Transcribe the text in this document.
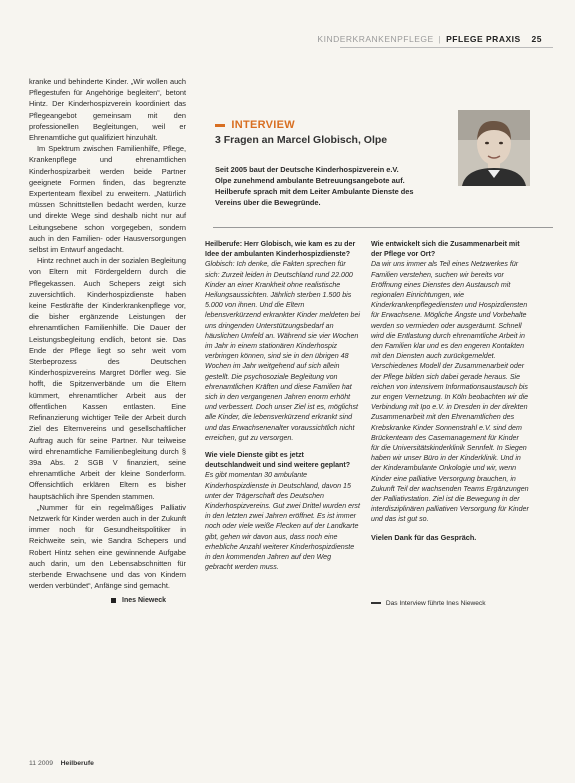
KINDERKRANKENPFLEGE | PFLEGE PRAXIS 25

kranke und behinderte Kinder. „Wir wollen auch Pflegestufen für Angehörige begleiten“, betont Hintz. Der Kinderhospizverein koordiniert das Pflegeangebot gemeinsam mit den professionellen Begleitungen, weil er Ehrenamtliche gut qualifiziert hinzuhält.

Im Spektrum zwischen Familienhilfe, Pflege, Krankenpflege und ehrenamtlichen Kinderhospizarbeit werden beide Partner geeignete Formen finden, das begrenzte Expertenteam flexibel zu erweitern. „Natürlich müssen Schnittstellen bedacht werden, kurze und direkte Wege sind deshalb nicht nur auf Leitungsebene schon vorgegeben, sondern auch in den Familien- oder Hausversorgungen selbst im Entwurf angedacht.

Hintz rechnet auch in der sozialen Begleitung von Eltern mit Fördergeldern durch die Pflegekassen. Auch Schepers zeigt sich zuversichtlich. Kinderhospizdienste haben keine Festkräfte der Kinderkrankenpflege vor, die bisher ergänzende Leistungen der ehrenamtlichen Familienhilfe. Die Dauer der Leistungsbegleitung endlich, betont sie. Das Ende der Pflege liegt so sehr weit vom Sterbeprozess des Deutschen Kinderhospizvereins Margret Dörfler weg. Sie hofft, die Spitzenverbände um die Eltern kümmert, ehrenamtlicher Arbeit aus der öffentlichen Kassen entlasten. Eine Refinanzierung wichtiger Teile der Arbeit durch Ziel des Elternvereins und gesellschaftlicher Auftrag auch für seine Partner. Nur teilweise wird ehrenamtliche Familienbegleitung durch § 39a Abs. 2 SGB V finanziert, seine ehrenamtliche Arbeit der kleine Sonderform. Offensichtlich erklären Eltern es bisher hauptsächlich ihre Spenden stammen.

„Nummer für ein regelmäßiges Palliativ Netzwerk für Kinder werden auch in der Zukunft immer noch für Gesundheitspolitiker in Reichweite sein, wie Sandra Schepers und Robert Hintz sehen eine gewinnende Aufgabe auch darin, um den Lebensabschnitten für sterbende Erwachsene und das von Kindern werden verbündet“, Anfänge sind gemacht.

Ines Nieweck
INTERVIEW
3 Fragen an Marcel Globisch, Olpe
Seit 2005 baut der Deutsche Kinderhospizverein e.V. Olpe zunehmend ambulante Betreuungsangebote auf. Heilberufe sprach mit dem Leiter Ambulante Dienste des Vereins über die Bewegründe.

Heilberufe: Herr Globisch, wie kam es zu der Idee der ambulanten Kinderhospizdienste?

Globisch: Ich denke, die Fakten sprechen für sich: Zurzeit leiden in Deutschland rund 22.000 Kinder an einer Krankheit ohne realistische Heilungsaussichten. Jährlich sterben 1.500 bis 5.000 von ihnen. Und die Eltern lebensverkürzend erkrankter Kinder meldeten bei uns dringenden Unterstützungsbedarf an häuslichen Umfeld an. Während sie vier Wochen im Jahr in einem stationären Kinderhospiz verbringen können, sind sie in den übrigen 48 Wochen im Jahr weitgehend auf sich allein gestellt. Die psychosoziale Begleitung von ehrenamtlichen Kräften und diese Familien hat sich in den vergangenen Jahren enorm erhöht und verbessert. Doch unser Ziel ist es, möglichst alle Kinder, die lebensverkürzend erkrankt sind und das Erwachsenenalter voraussichtlich nicht erreichen, gut zu versorgen.

Wie viele Dienste gibt es jetzt deutschlandweit und sind weitere geplant?

Es gibt momentan 30 ambulante Kinderhospizdienste in Deutschland, davon 15 unter der Trägerschaft des Deutschen Kinderhospizvereins. Gut zwei Drittel wurden erst in den letzten zwei Jahren eröffnet. Es ist immer noch oder viele weiße Flecken auf der Landkarte gibt, gehen wir davon aus, dass noch eine erhebliche Anzahl weiterer Kinderhospizdienste in den kommenden Jahren auf den Weg gebracht werden muss.

Wie entwickelt sich die Zusammenarbeit mit der Pflege vor Ort?

Da wir uns immer als Teil eines Netzwerkes für Familien verstehen, suchen wir bereits vor Eröffnung eines Dienstes den Austausch mit regionalen Einrichtungen, wie Kinderkrankenpflegediensten und Hospizdiensten für Erwachsene. Mögliche Ängste und Vorbehalte werden so vermieden oder ausgeräumt. Schnell wird die Entlastung durch ehrenamtliche Arbeit in den Familien klar und es den engeren Kontakten mit den Diensten auch zurückgemeldet. Verschiedenes Modell der Zusammenarbeit oder der Pflege bilden sich dabei gerade heraus. Sie reichen von intensivem Informationsaustausch bis zur engen Vernetzung. In Köln beobachten wir die Verbindung mit Ipo e.V. in Dresden in der direkten Zusammenarbeit mit den Ehrenamtlichen des Krebskranke Kinder Sonnenstrahl e.V. sind dem Brückenteam des Casemanagement für Kinder für die Universitätskinderklinik Sennfelt. In Siegen haben wir unser Büro in der Kinderklinik. Und in der Kinderambulante Onkologie und wir, wenn Kinder eine palliative Versorgung brauchen, in Zukunft Teil der wachsenden Teams Ergänzungen der Palliativstation. Ziel ist die Bewegung in der interdisziplinären palliativen Versorgung für Kinder und das ist gut so.

Vielen Dank für das Gespräch.
Das Interview führte Ines Nieweck
11 2009 Heilberufe
